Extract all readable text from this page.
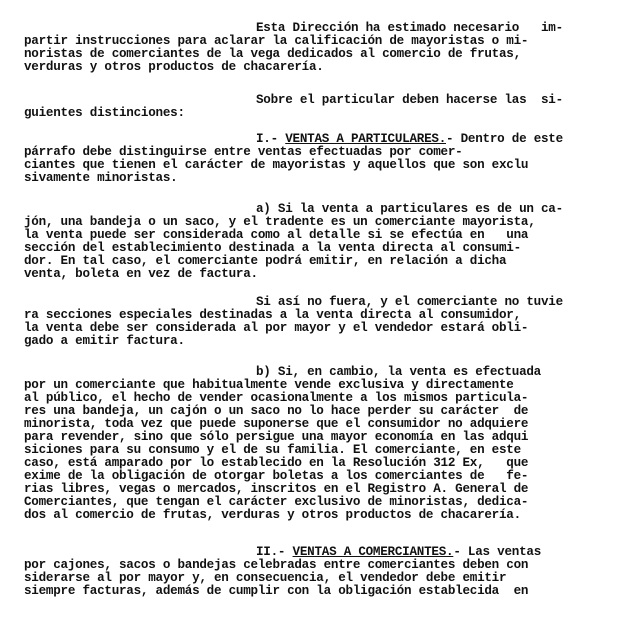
Esta Dirección ha estimado necesario   im-
partir instrucciones para aclarar la calificación de mayoristas o mi-
noristas de comerciantes de la vega dedicados al comercio de frutas,
verduras y otros productos de chacarería.
Sobre el particular deben hacerse las  si-
guientes distinciones:
I.- VENTAS A PARTICULARES.- Dentro de este
párrafo debe distinguirse entre ventas efectuadas por comer-
ciantes que tienen el carácter de mayoristas y aquellos que son exclu
sivamente minoristas.
a) Si la venta a particulares es de un ca-
jón, una bandeja o un saco, y el tradente es un comerciante mayorista,
la venta puede ser considerada como al detalle si se efectúa en   una
sección del establecimiento destinada a la venta directa al consumi-
dor. En tal caso, el comerciante podrá emitir, en relación a dicha
venta, boleta en vez de factura.
Si así no fuera, y el comerciante no tuvie
ra secciones especiales destinadas a la venta directa al consumidor,
la venta debe ser considerada al por mayor y el vendedor estará obli-
gado a emitir factura.
b) Si, en cambio, la venta es efectuada
por un comerciante que habitualmente vende exclusiva y directamente
al público, el hecho de vender ocasionalmente a los mismos particula-
res una bandeja, un cajón o un saco no lo hace perder su carácter  de
minorista, toda vez que puede suponerse que el consumidor no adquiere
para revender, sino que sólo persigue una mayor economía en las adqui
siciones para su consumo y el de su familia. El comerciante, en este
caso, está amparado por lo establecido en la Resolución 312 Ex,   que
exime de la obligación de otorgar boletas a los comerciantes de   fe-
rias libres, vegas o mercados, inscritos en el Registro A. General de
Comerciantes, que tengan el carácter exclusivo de minoristas, dedica-
dos al comercio de frutas, verduras y otros productos de chacarería.
II.- VENTAS A COMERCIANTES.- Las ventas
por cajones, sacos o bandejas celebradas entre comerciantes deben con
siderarse al por mayor y, en consecuencia, el vendedor debe emitir
siempre facturas, además de cumplir con la obligación establecida  en
